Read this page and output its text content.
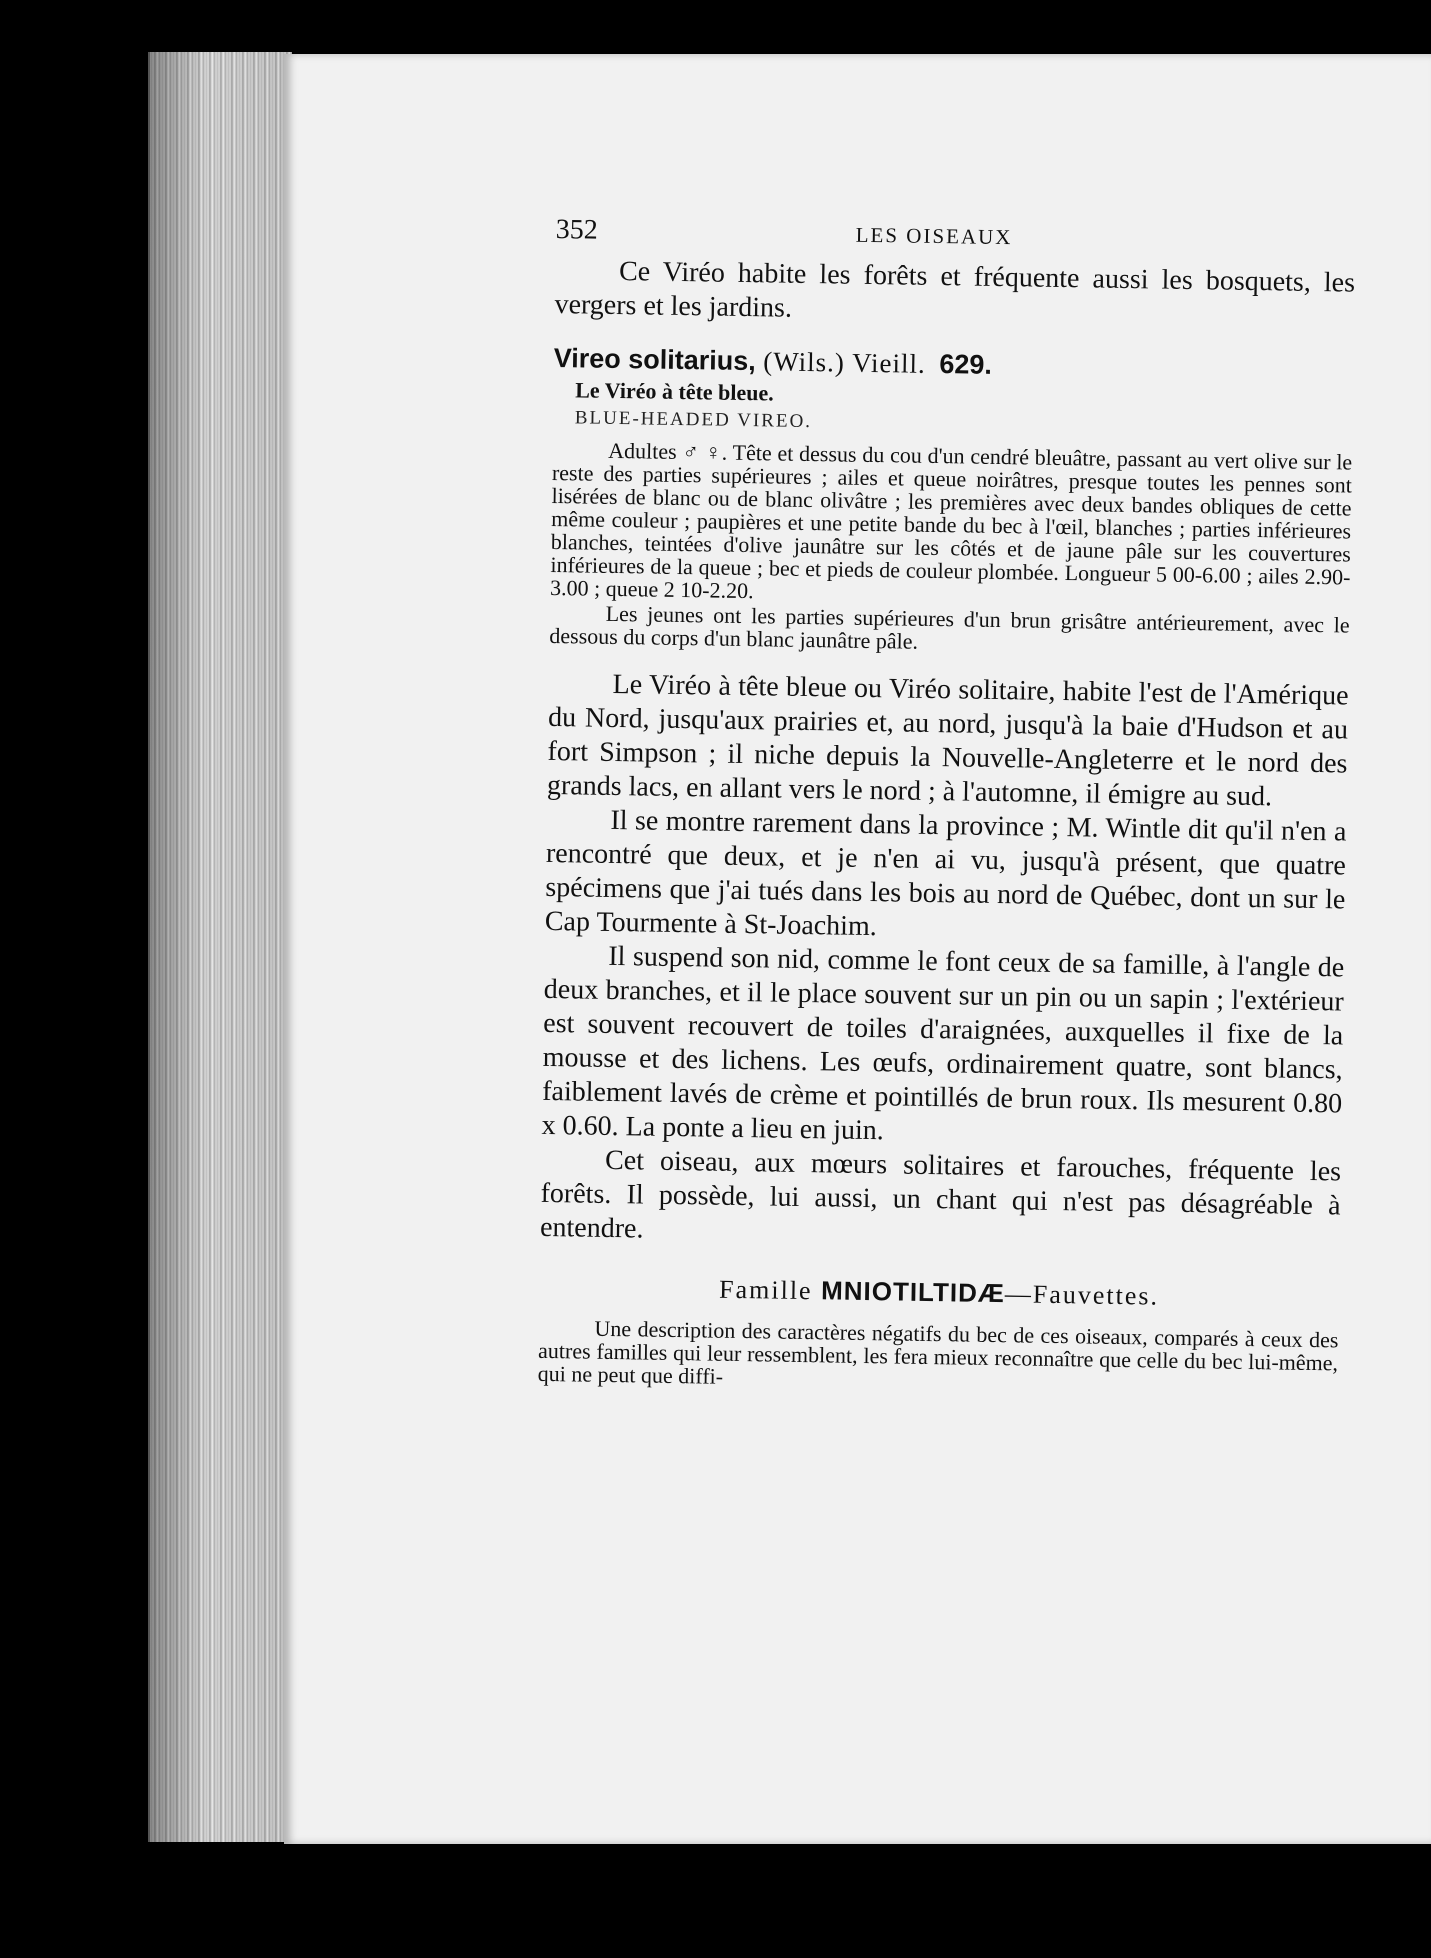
352	LES OISEAUX

Ce Viréo habite les forêts et fréquente aussi les bosquets, les vergers et les jardins.

Vireo solitarius, (Wils.) Vieill. 629.
Le Viréo à tête bleue.
BLUE-HEADED VIREO.

Adultes ♂ ♀. Tête et dessus du cou d'un cendré bleuâtre, passant au vert olive sur le reste des parties supérieures ; ailes et queue noirâtres, presque toutes les pennes sont lisérées de blanc ou de blanc olivâtre ; les premières avec deux bandes obliques de cette même couleur ; paupières et une petite bande du bec à l'œil, blanches ; parties inférieures blanches, teintées d'olive jaunâtre sur les côtés et de jaune pâle sur les couvertures inférieures de la queue ; bec et pieds de couleur plombée. Longueur 5 00-6.00 ; ailes 2.90-3.00 ; queue 2 10-2.20.

Les jeunes ont les parties supérieures d'un brun grisâtre antérieurement, avec le dessous du corps d'un blanc jaunâtre pâle.

Le Viréo à tête bleue ou Viréo solitaire, habite l'est de l'Amérique du Nord, jusqu'aux prairies et, au nord, jusqu'à la baie d'Hudson et au fort Simpson ; il niche depuis la Nouvelle-Angleterre et le nord des grands lacs, en allant vers le nord ; à l'automne, il émigre au sud.

Il se montre rarement dans la province ; M. Wintle dit qu'il n'en a rencontré que deux, et je n'en ai vu, jusqu'à présent, que quatre spécimens que j'ai tués dans les bois au nord de Québec, dont un sur le Cap Tourmente à St-Joachim.

Il suspend son nid, comme le font ceux de sa famille, à l'angle de deux branches, et il le place souvent sur un pin ou un sapin ; l'extérieur est souvent recouvert de toiles d'araignées, auxquelles il fixe de la mousse et des lichens. Les œufs, ordinairement quatre, sont blancs, faiblement lavés de crème et pointillés de brun roux. Ils mesurent 0.80 x 0.60. La ponte a lieu en juin.

Cet oiseau, aux mœurs solitaires et farouches, fréquente les forêts. Il possède, lui aussi, un chant qui n'est pas désagréable à entendre.

Famille MNIOTILTIDÆ—Fauvettes.

Une description des caractères négatifs du bec de ces oiseaux, comparés à ceux des autres familles qui leur ressemblent, les fera mieux reconnaître que celle du bec lui-même, qui ne peut que diffi-
